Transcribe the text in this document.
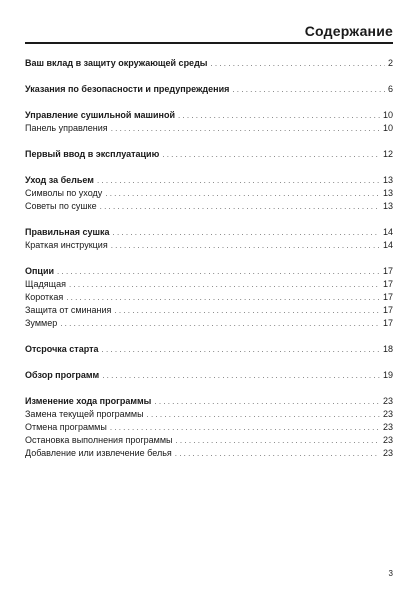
Содержание
Ваш вклад в защиту окружающей среды . . .	2
Указания по безопасности и предупреждения . . .	6
Управление сушильной машиной . . .	10
Панель управления . . .	10
Первый ввод в эксплуатацию . . .	12
Уход за бельем . . .	13
Символы по уходу . . .	13
Советы по сушке . . .	13
Правильная сушка . . .	14
Краткая инструкция . . .	14
Опции . . .	17
Щадящая . . .	17
Короткая . . .	17
Защита от сминания . . .	17
Зуммер . . .	17
Отсрочка старта . . .	18
Обзор программ . . .	19
Изменение хода программы . . .	23
Замена текущей программы . . .	23
Отмена программы . . .	23
Остановка выполнения программы . . .	23
Добавление или извлечение белья . . .	23
3
